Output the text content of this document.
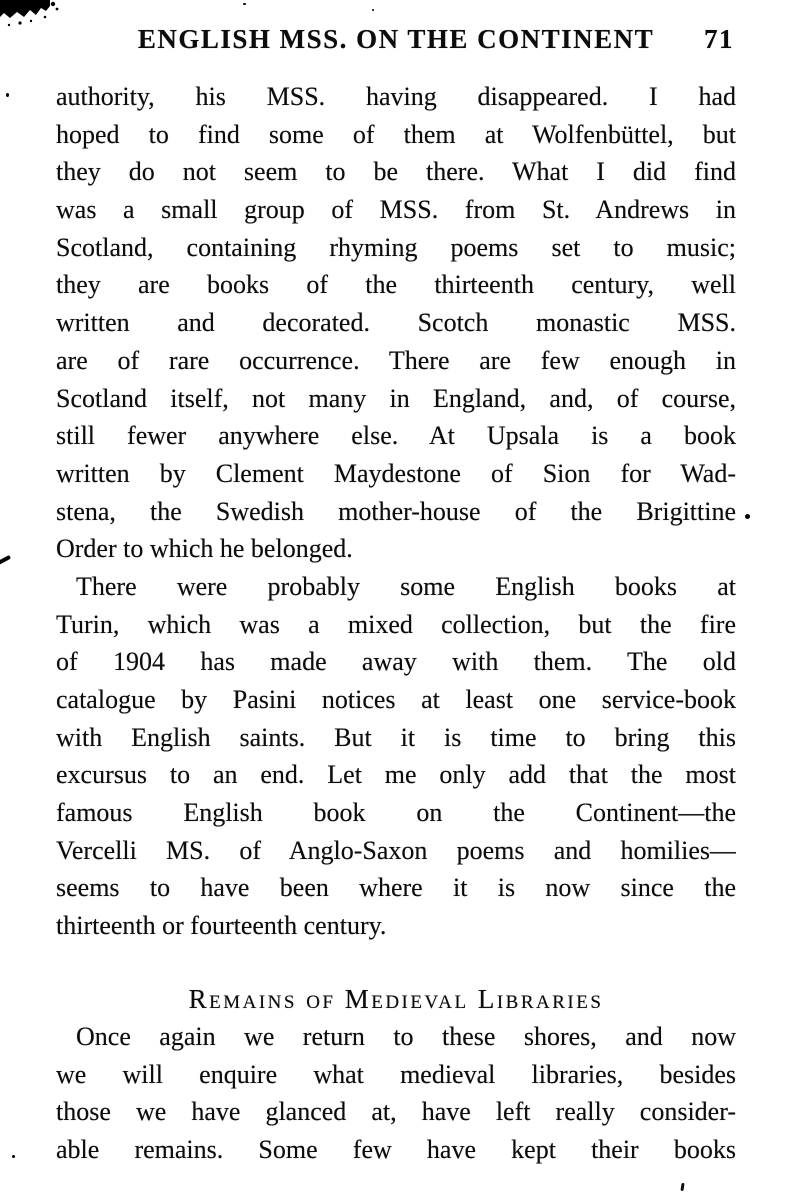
ENGLISH MSS. ON THE CONTINENT	71
authority, his MSS. having disappeared. I had
hoped to find some of them at Wolfenbüttel, but
they do not seem to be there. What I did find
was a small group of MSS. from St. Andrews in
Scotland, containing rhyming poems set to music;
they are books of the thirteenth century, well
written and decorated. Scotch monastic MSS.
are of rare occurrence. There are few enough in
Scotland itself, not many in England, and, of course,
still fewer anywhere else. At Upsala is a book
written by Clement Maydestone of Sion for Wad-
stena, the Swedish mother-house of the Brigittine
Order to which he belonged.
There were probably some English books at
Turin, which was a mixed collection, but the fire
of 1904 has made away with them. The old
catalogue by Pasini notices at least one service-book
with English saints. But it is time to bring this
excursus to an end. Let me only add that the most
famous English book on the Continent—the
Vercelli MS. of Anglo-Saxon poems and homilies—
seems to have been where it is now since the
thirteenth or fourteenth century.
Remains of Medieval Libraries
Once again we return to these shores, and now
we will enquire what medieval libraries, besides
those we have glanced at, have left really consider-
able remains. Some few have kept their books
